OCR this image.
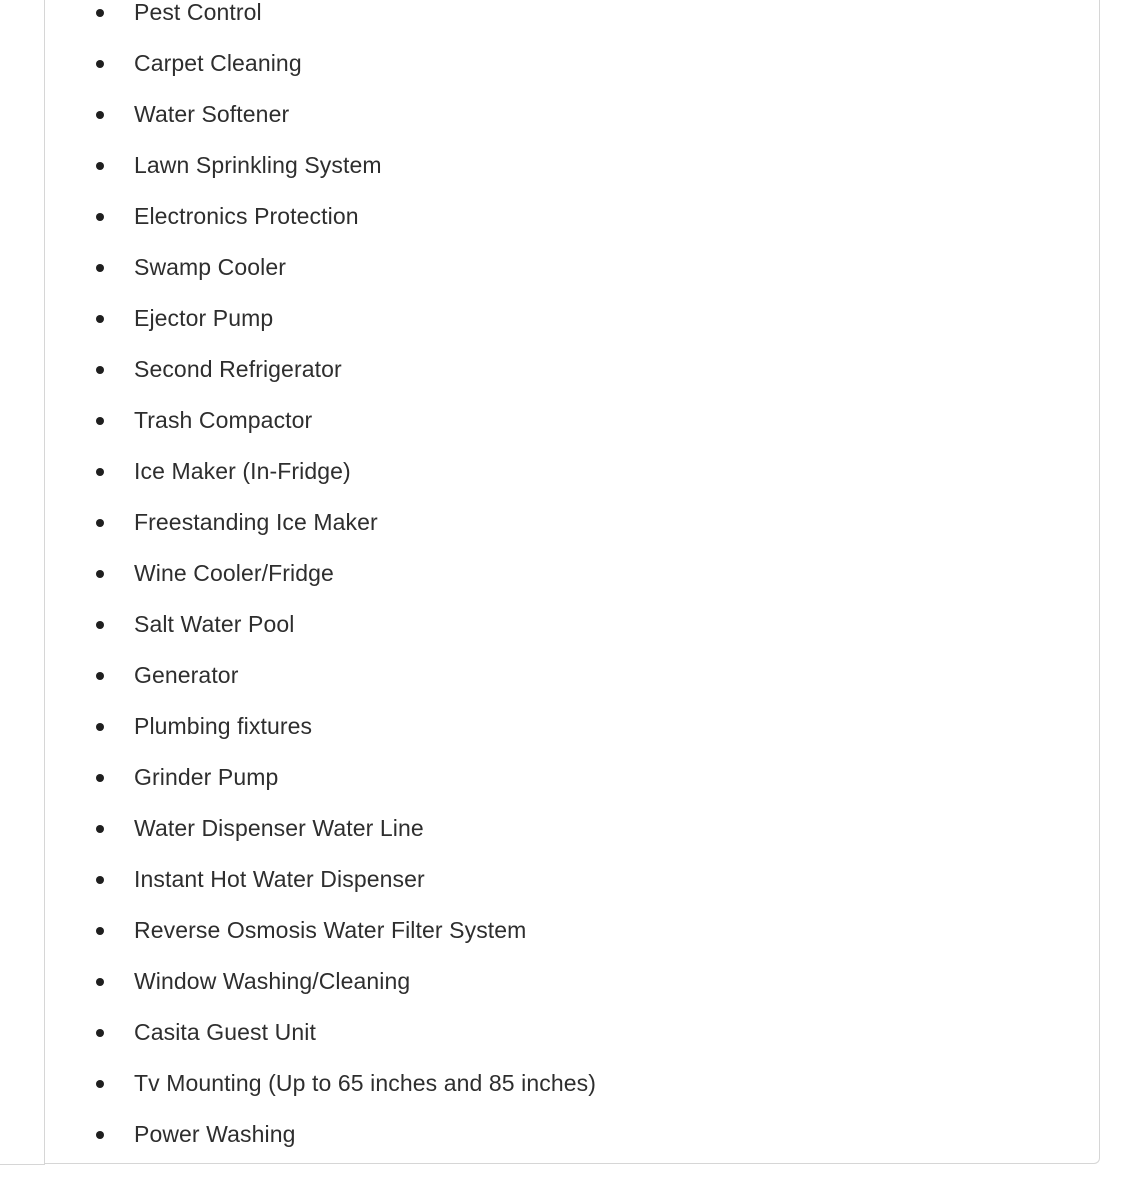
Pest Control
Carpet Cleaning
Water Softener
Lawn Sprinkling System
Electronics Protection
Swamp Cooler
Ejector Pump
Second Refrigerator
Trash Compactor
Ice Maker (In-Fridge)
Freestanding Ice Maker
Wine Cooler/Fridge
Salt Water Pool
Generator
Plumbing fixtures
Grinder Pump
Water Dispenser Water Line
Instant Hot Water Dispenser
Reverse Osmosis Water Filter System
Window Washing/Cleaning
Casita Guest Unit
Tv Mounting (Up to 65 inches and 85 inches)
Power Washing
